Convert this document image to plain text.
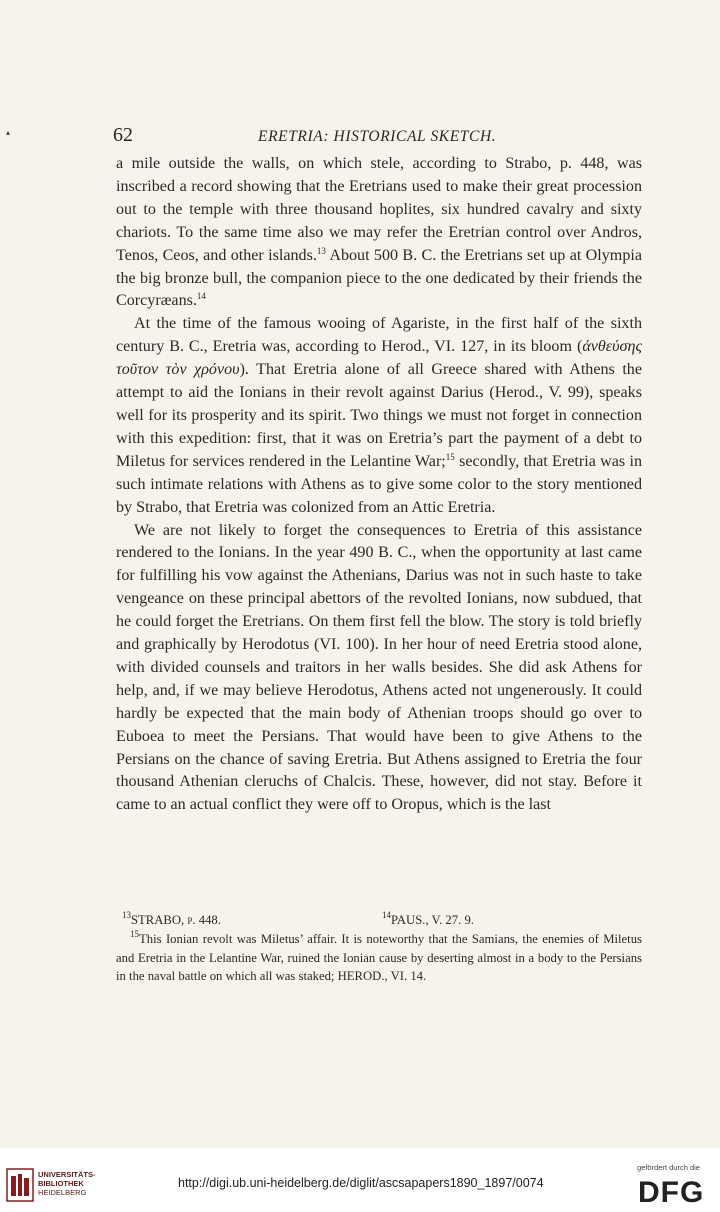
▴	62	ERETRIA: HISTORICAL SKETCH.

a mile outside the walls, on which stele, according to Strabo, p. 448, was inscribed a record showing that the Eretrians used to make their great procession out to the temple with three thousand hoplites, six hundred cavalry and sixty chariots. To the same time also we may refer the Eretrian control over Andros, Tenos, Ceos, and other islands.$^{13}$ About 500 B. C. the Eretrians set up at Olympia the big bronze bull, the companion piece to the one dedicated by their friends the Corcyræans.$^{14}$

At the time of the famous wooing of Agariste, in the first half of the sixth century B. C., Eretria was, according to Herod., VI. 127, in its bloom (ἀνθεύσης τοῦτον τὸν χρόνου). That Eretria alone of all Greece shared with Athens the attempt to aid the Ionians in their revolt against Darius (Herod., V. 99), speaks well for its prosperity and its spirit. Two things we must not forget in connection with this expedition: first, that it was on Eretria’s part the payment of a debt to Miletus for services rendered in the Lelantine War;$^{15}$ secondly, that Eretria was in such intimate relations with Athens as to give some color to the story mentioned by Strabo, that Eretria was colonized from an Attic Eretria.

We are not likely to forget the consequences to Eretria of this assistance rendered to the Ionians. In the year 490 B. C., when the opportunity at last came for fulfilling his vow against the Athenians, Darius was not in such haste to take vengeance on these principal abettors of the revolted Ionians, now subdued, that he could forget the Eretrians. On them first fell the blow. The story is told briefly and graphically by Herodotus (VI. 100). In her hour of need Eretria stood alone, with divided counsels and traitors in her walls besides. She did ask Athens for help, and, if we may believe Herodotus, Athens acted not ungenerously. It could hardly be expected that the main body of Athenian troops should go over to Euboea to meet the Persians. That would have been to give Athens to the Persians on the chance of saving Eretria. But Athens assigned to Eretria the four thousand Athenian cleruchs of Chalcis. These, however, did not stay. Before it came to an actual conflict they were off to Oropus, which is the last

$^{13}$STRABO, p. 448.	$^{14}$PAUS., V. 27. 9.
$^{15}$This Ionian revolt was Miletus’ affair. It is noteworthy that the Samians, the enemies of Miletus and Eretria in the Lelantine War, ruined the Ionian cause by deserting almost in a body to the Persians in the naval battle on which all was staked; HEROD., VI. 14.
UNIVERSITÄTS-
BIBLIOTHEK
HEIDELBERG
http://digi.ub.uni-heidelberg.de/diglit/ascsapapers1890_1897/0074
gefördert durch die
DFG
